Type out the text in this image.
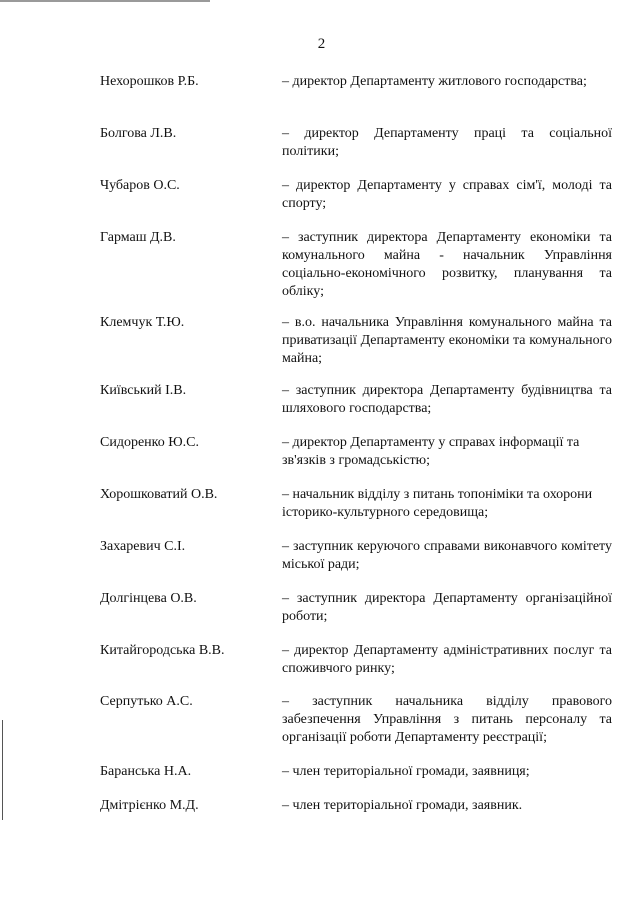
2
Нехорошков Р.Б.	– директор Департаменту житлового господарства;
Болгова Л.В.	– директор Департаменту праці та соціальної політики;
Чубаров О.С.	– директор Департаменту у справах сім'ї, молоді та спорту;
Гармаш Д.В.	– заступник директора Департаменту економіки та комунального майна - начальник Управління соціально-економічного розвитку, планування та обліку;
Клемчук Т.Ю.	– в.о. начальника Управління комунального майна та приватизації Департаменту економіки та комунального майна;
Київський І.В.	– заступник директора Департаменту будівництва та шляхового господарства;
Сидоренко Ю.С.	– директор Департаменту у справах інформації та зв'язків з громадськістю;
Хорошковатий О.В.	– начальник відділу з питань топоніміки та охорони історико-культурного середовища;
Захаревич С.І.	– заступник керуючого справами виконавчого комітету міської ради;
Долгінцева О.В.	– заступник директора Департаменту організаційної роботи;
Китайгородська В.В.	– директор Департаменту адміністративних послуг та споживчого ринку;
Серпутько А.С.	– заступник начальника відділу правового забезпечення Управління з питань персоналу та організації роботи Департаменту реєстрації;
Баранська Н.А.	– член територіальної громади, заявниця;
Дмітрієнко М.Д.	– член територіальної громади, заявник.
